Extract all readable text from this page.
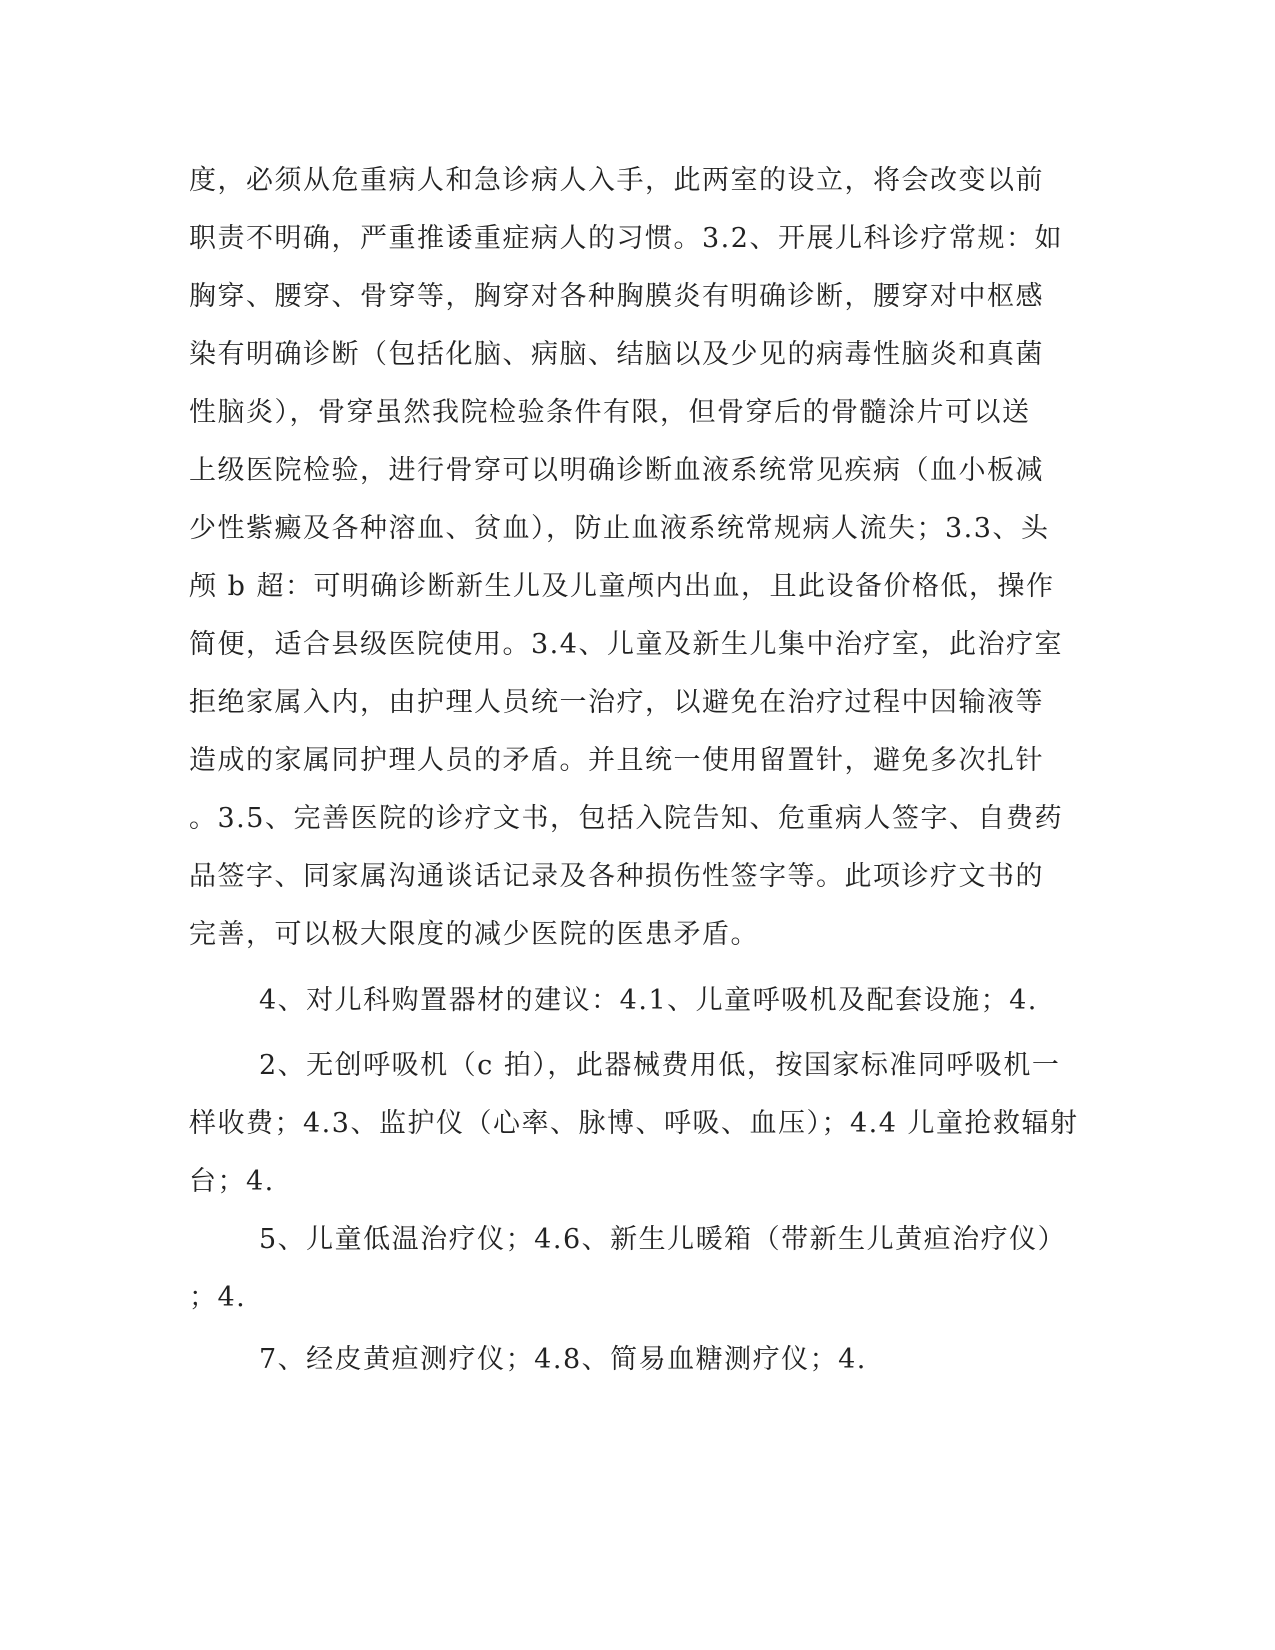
度，必须从危重病人和急诊病人入手，此两室的设立，将会改变以前
职责不明确，严重推诿重症病人的习惯。3.2、开展儿科诊疗常规：如
胸穿、腰穿、骨穿等，胸穿对各种胸膜炎有明确诊断，腰穿对中枢感
染有明确诊断（包括化脑、病脑、结脑以及少见的病毒性脑炎和真菌
性脑炎），骨穿虽然我院检验条件有限，但骨穿后的骨髓涂片可以送
上级医院检验，进行骨穿可以明确诊断血液系统常见疾病（血小板减
少性紫癜及各种溶血、贫血），防止血液系统常规病人流失；3.3、头
颅 b 超：可明确诊断新生儿及儿童颅内出血，且此设备价格低，操作
简便，适合县级医院使用。3.4、儿童及新生儿集中治疗室，此治疗室
拒绝家属入内，由护理人员统一治疗，以避免在治疗过程中因输液等
造成的家属同护理人员的矛盾。并且统一使用留置针，避免多次扎针
。3.5、完善医院的诊疗文书，包括入院告知、危重病人签字、自费药
品签字、同家属沟通谈话记录及各种损伤性签字等。此项诊疗文书的
完善，可以极大限度的减少医院的医患矛盾。
4、对儿科购置器材的建议：4.1、儿童呼吸机及配套设施；4.
2、无创呼吸机（c 拍），此器械费用低，按国家标准同呼吸机一
样收费；4.3、监护仪（心率、脉博、呼吸、血压）；4.4 儿童抢救辐射
台；4.
5、儿童低温治疗仪；4.6、新生儿暖箱（带新生儿黄疸治疗仪）
；4.
7、经皮黄疸测疗仪；4.8、简易血糖测疗仪；4.
